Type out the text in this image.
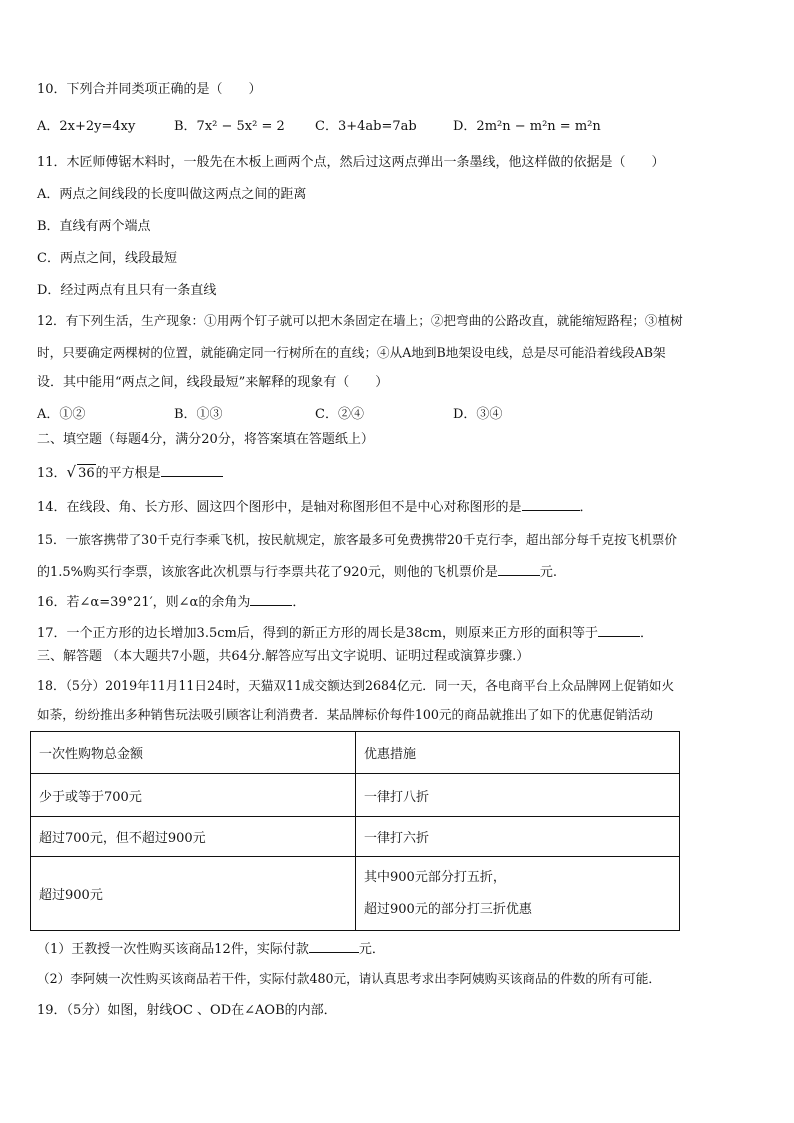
10．下列合并同类项正确的是（　　）
A．2x+2y=4xy	B．7x² − 5x² = 2 C．3+4ab=7ab	D．2m²n − m²n = m²n
11．木匠师傅锯木料时，一般先在木板上画两个点，然后过这两点弹出一条墨线，他这样做的依据是（　　）
A．两点之间线段的长度叫做这两点之间的距离
B．直线有两个端点
C．两点之间，线段最短
D．经过两点有且只有一条直线
12．有下列生活，生产现象：①用两个钉子就可以把木条固定在墙上；②把弯曲的公路改直，就能缩短路程；③植树
时，只要确定两棵树的位置，就能确定同一行树所在的直线；④从A地到B地架设电线，总是尽可能沿着线段AB架
设．其中能用“两点之间，线段最短”来解释的现象有（　　）
A．①②	B．①③	C．②④	D．③④
二、填空题（每题4分，满分20分，将答案填在答题纸上）
13．√ 36的平方根是
14．在线段、角、长方形、圆这四个图形中，是轴对称图形但不是中心对称图形的是	．
15．一旅客携带了30千克行李乘飞机，按民航规定，旅客最多可免费携带20千克行李，超出部分每千克按飞机票价
的1.5%购买行李票，该旅客此次机票与行李票共花了920元，则他的飞机票价是	元.
16．若∠α=39°21′，则∠α的余角为	．
17．一个正方形的边长增加3.5cm后，得到的新正方形的周长是38cm，则原来正方形的面积等于	．
三、解答题 （本大题共7小题，共64分.解答应写出文字说明、证明过程或演算步骤.）
18．（5分）2019年11月11日24时，天猫双11成交额达到2684亿元．同一天，各电商平台上众品牌网上促销如火
如荼，纷纷推出多种销售玩法吸引顾客让利消费者．某品牌标价每件100元的商品就推出了如下的优惠促销活动
一次性购物总金额	优惠措施
少于或等于700元	一律打八折
超过700元，但不超过900元	一律打六折
超过900元	其中900元部分打五折，
超过900元的部分打三折优惠
（1）王教授一次性购买该商品12件，实际付款	元．
（2）李阿姨一次性购买该商品若干件，实际付款480元，请认真思考求出李阿姨购买该商品的件数的所有可能．
19．（5分）如图，射线OC 、OD在∠AOB的内部．
